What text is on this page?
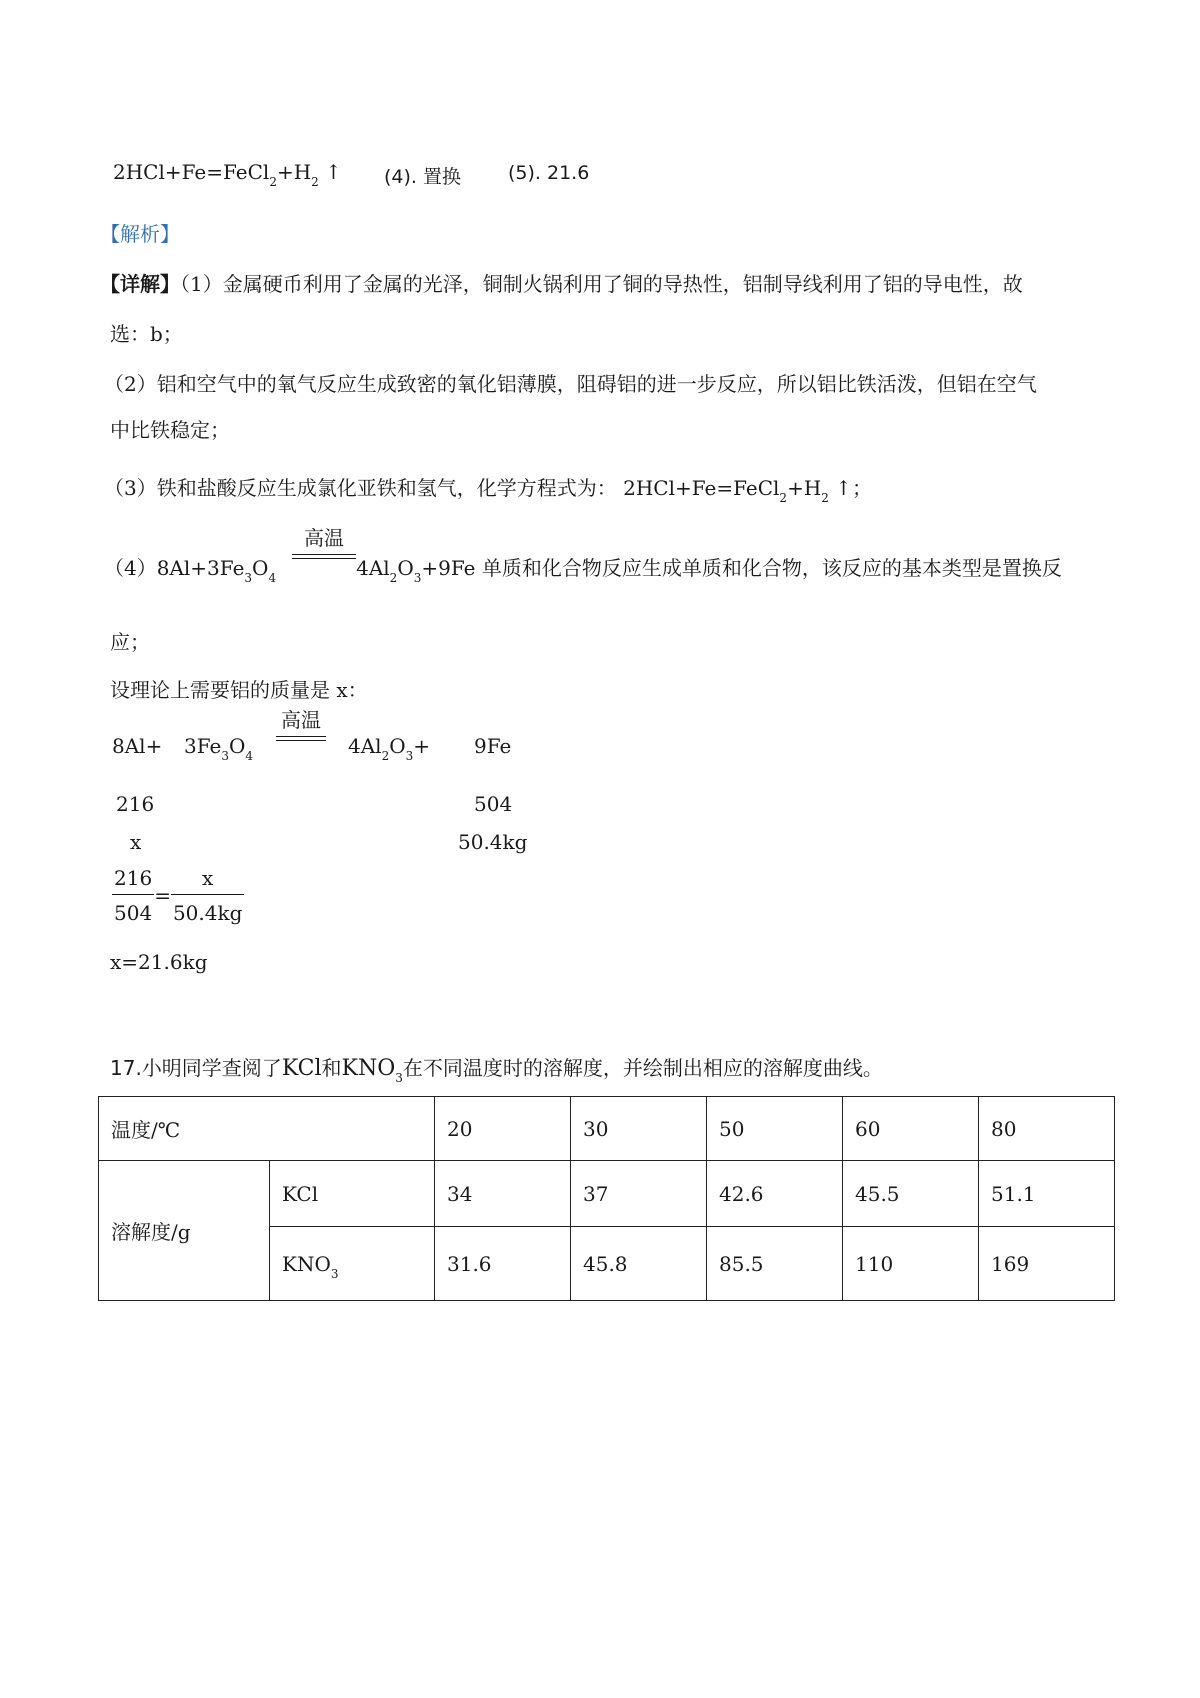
$2HCl+Fe=FeCl_2+H_2$ ↑ (4). 置换 (5). 21.6
【解析】
【详解】（1）金属硬币利用了金属的光泽，铜制火锅利用了铜的导热性，铝制导线利用了铝的导电性，故
选：b；
（2）铝和空气中的氧气反应生成致密的氧化铝薄膜，阻碍铝的进一步反应，所以铝比铁活泼，但铝在空气
中比铁稳定；
（3）铁和盐酸反应生成氯化亚铁和氢气，化学方程式为： $2HCl+Fe=FeCl_2+H_2$ ↑；
$(4)8Al+3Fe_3O_4$	$4Al_2O_3+9Fe$ 单质和化合物反应生成单质和化合物，该反应的基本类型是置换反
高温
应；
设理论上需要铝的质量是 x：
$8Al+ 3Fe_3O_4$
高温
$4Al_2O_3+ 9Fe$
216	504
x	50.4kg
$\frac{216}{504} = \frac{x}{50.4kg}$
x=21.6kg
17.小明同学查阅了KCl和$KNO_3$在不同温度时的溶解度，并绘制出相应的溶解度曲线。
温度/℃		20	30	50	60	80
溶解度/g	KCl	34	37	42.6	45.5	51.1
	$KNO_3$	31.6	45.8	85.5	110	169
